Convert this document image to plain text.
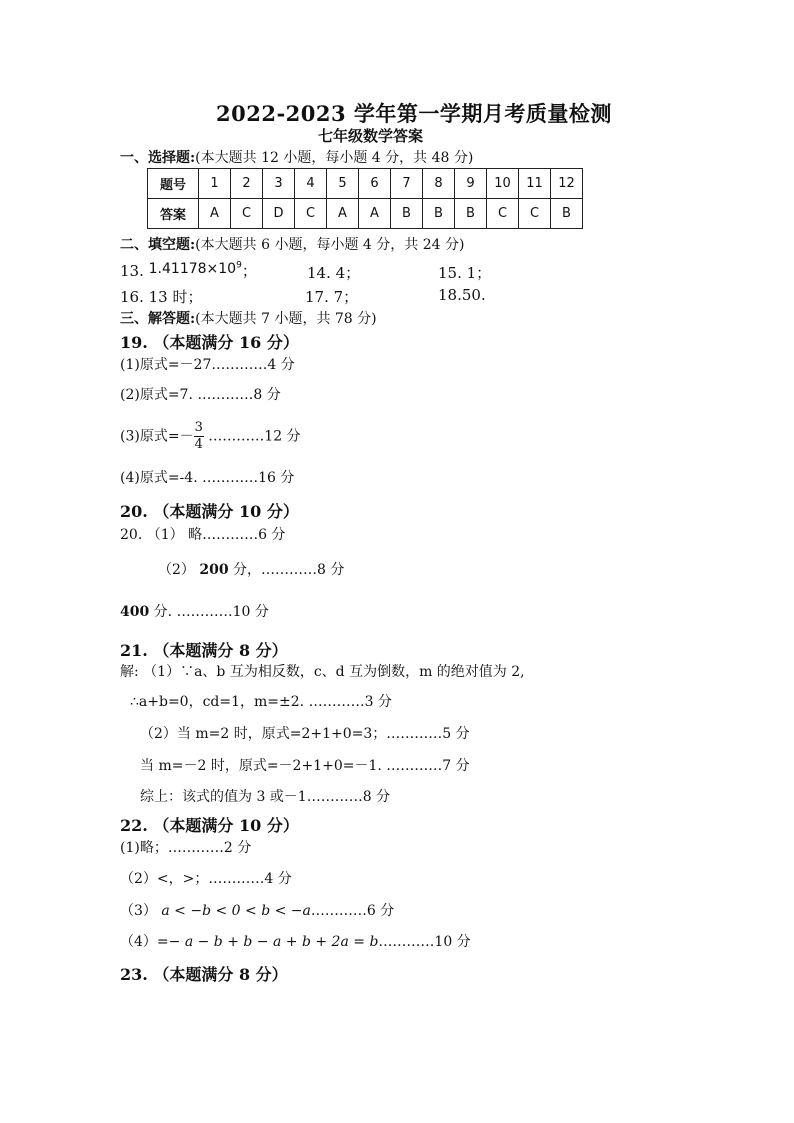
2022-2023 学年第一学期月考质量检测
七年级数学答案
一、选择题:(本大题共 12 小题，每小题 4 分，共 48 分)
题号	1	2	3	4	5	6	7	8	9	10	11	12
答案	A	C	D	C	A	A	B	B	B	C	C	B
二、填空题:(本大题共 6 小题，每小题 4 分，共 24 分)
13. $1.41178\times 10^9$；	14. 4；	15. 1；
16. 13 时；	17. 7；	18.50.
三、解答题:(本大题共 7 小题，共 78 分)
19. （本题满分 16 分）
(1)原式=－27…………4 分
(2)原式=7. …………8 分
(3)原式=－ $\frac{3}{4}$ …………12 分
(4)原式=-4. …………16 分
20. （本题满分 10 分）
20. （1） 略…………6 分
（2） 200 分，…………8 分
400 分. …………10 分
21. （本题满分 8 分）
解: （1）∵a、b 互为相反数，c、d 互为倒数，m 的绝对值为 2,
∴a+b=0，cd=1，m=±2. …………3 分
（2）当 m=2 时，原式=2+1+0=3；…………5 分
当 m=－2 时，原式=－2+1+0=－1. …………7 分
综上：该式的值为 3 或－1…………8 分
22. （本题满分 10 分）
(1)略；…………2 分
（2）<，>；…………4 分
（3） a < −b < 0 < b < −a…………6 分
（4）=− a − b + b − a + b + 2a = b…………10 分
23. （本题满分 8 分）
